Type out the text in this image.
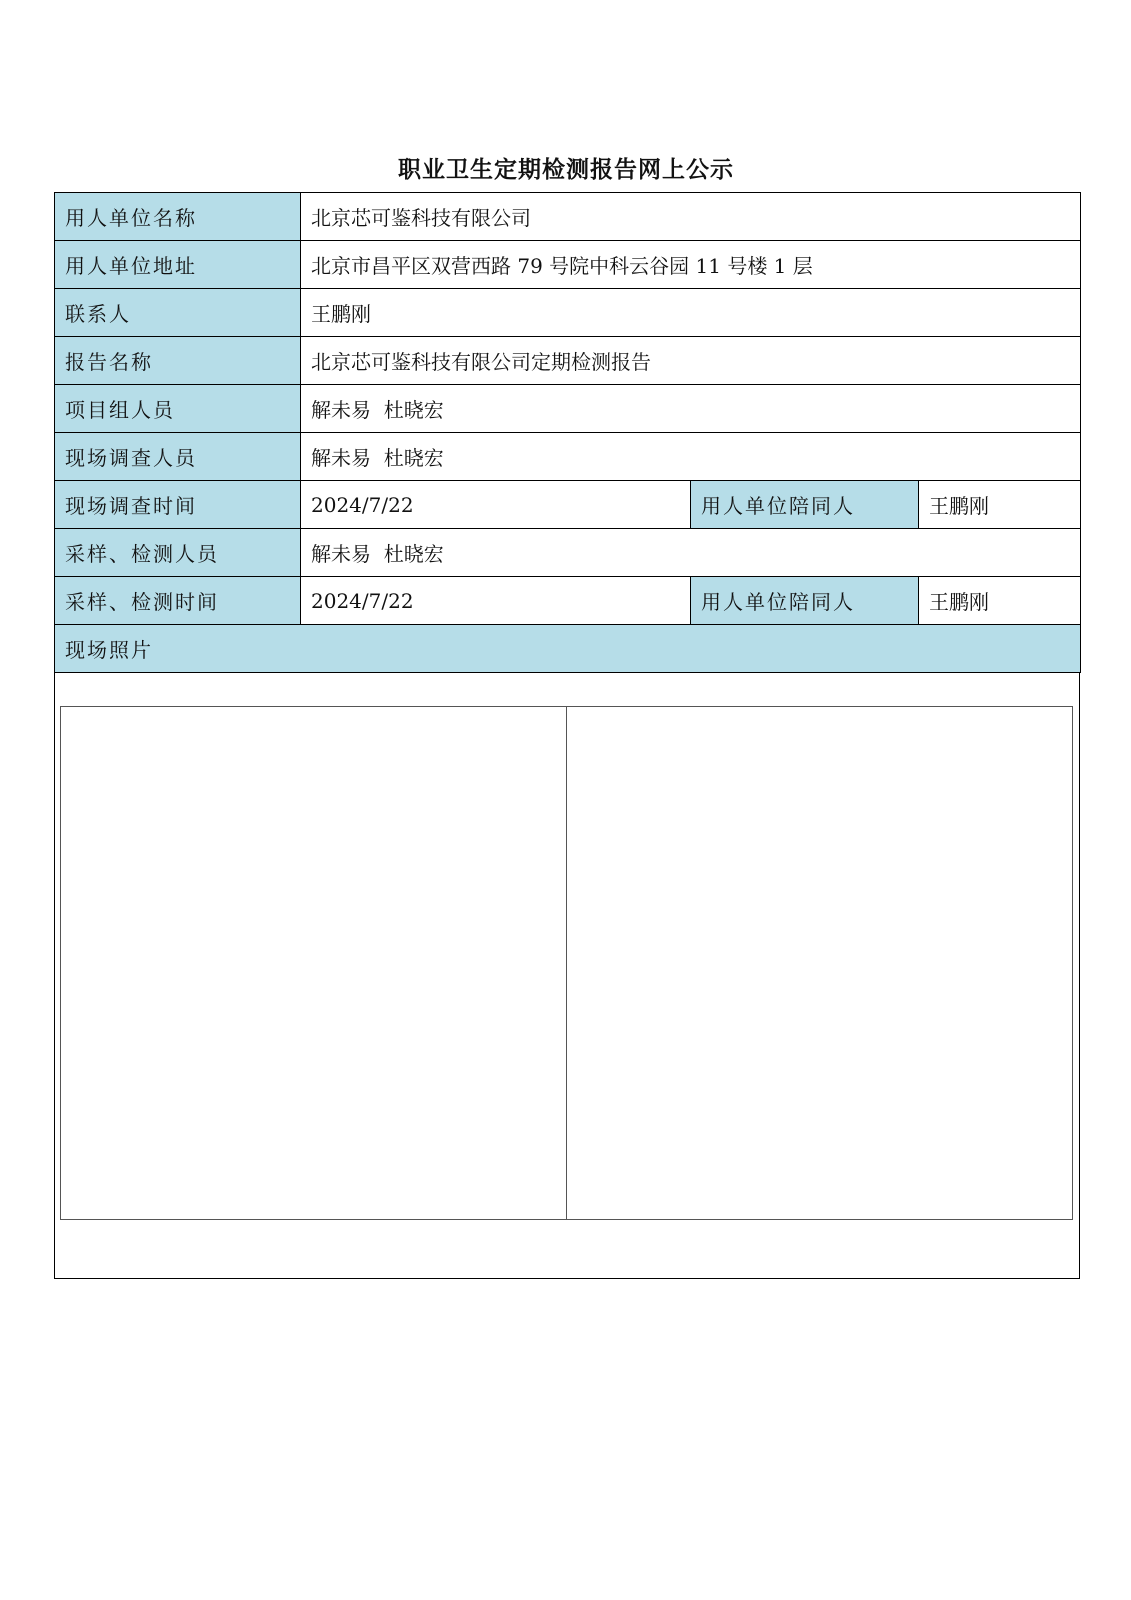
职业卫生定期检测报告网上公示
用人单位名称	北京芯可鉴科技有限公司		
用人单位地址	北京市昌平区双营西路 79 号院中科云谷园 11 号楼 1 层		
联系人	王鹏刚		
报告名称	北京芯可鉴科技有限公司定期检测报告		
项目组人员	解未易  杜晓宏		
现场调查人员	解未易  杜晓宏		
现场调查时间	2024/7/22	用人单位陪同人	王鹏刚
采样、检测人员	解未易  杜晓宏		
采样、检测时间	2024/7/22	用人单位陪同人	王鹏刚
现场照片			
